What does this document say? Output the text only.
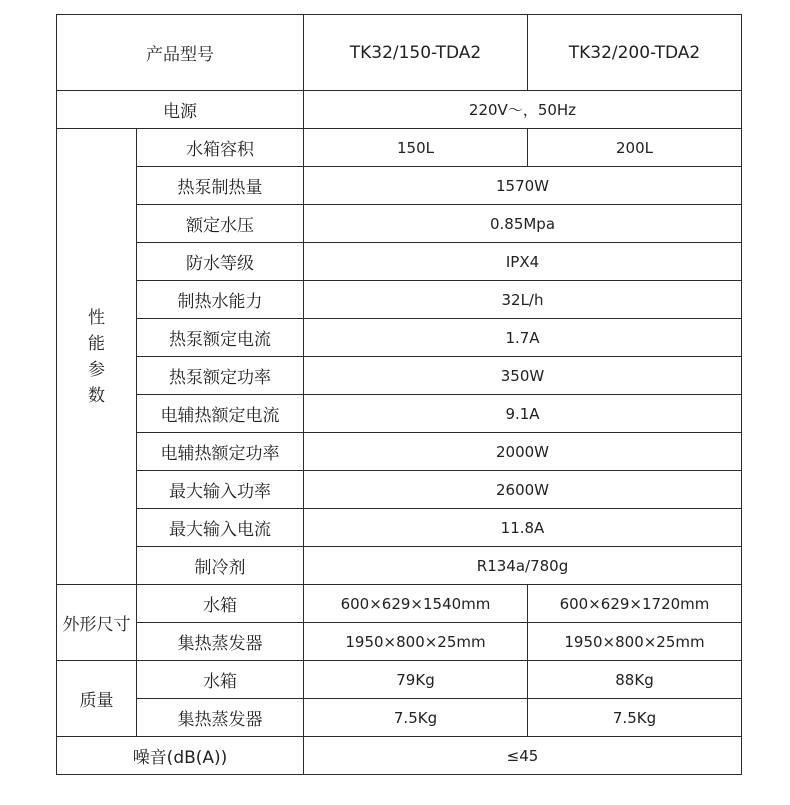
产品型号		TK32/150-TDA2	TK32/200-TDA2
电源		220V～，50Hz	

性
能
参
数	水箱容积	150L	200L
	热泵制热量	1570W	
	额定水压	0.85Mpa	
	防水等级	IPX4	
	制热水能力	32L/h	
	热泵额定电流	1.7A	
	热泵额定功率	350W	
	电辅热额定电流	9.1A	
	电辅热额定功率	2000W	
	最大输入功率	2600W	
	最大输入电流	11.8A	
	制冷剂	R134a/780g	
外形尺寸	水箱	600×629×1540mm	600×629×1720mm
	集热蒸发器	1950×800×25mm	1950×800×25mm
质量	水箱	79Kg	88Kg
	集热蒸发器	7.5Kg	7.5Kg
噪音(dB(A))		≤45	
